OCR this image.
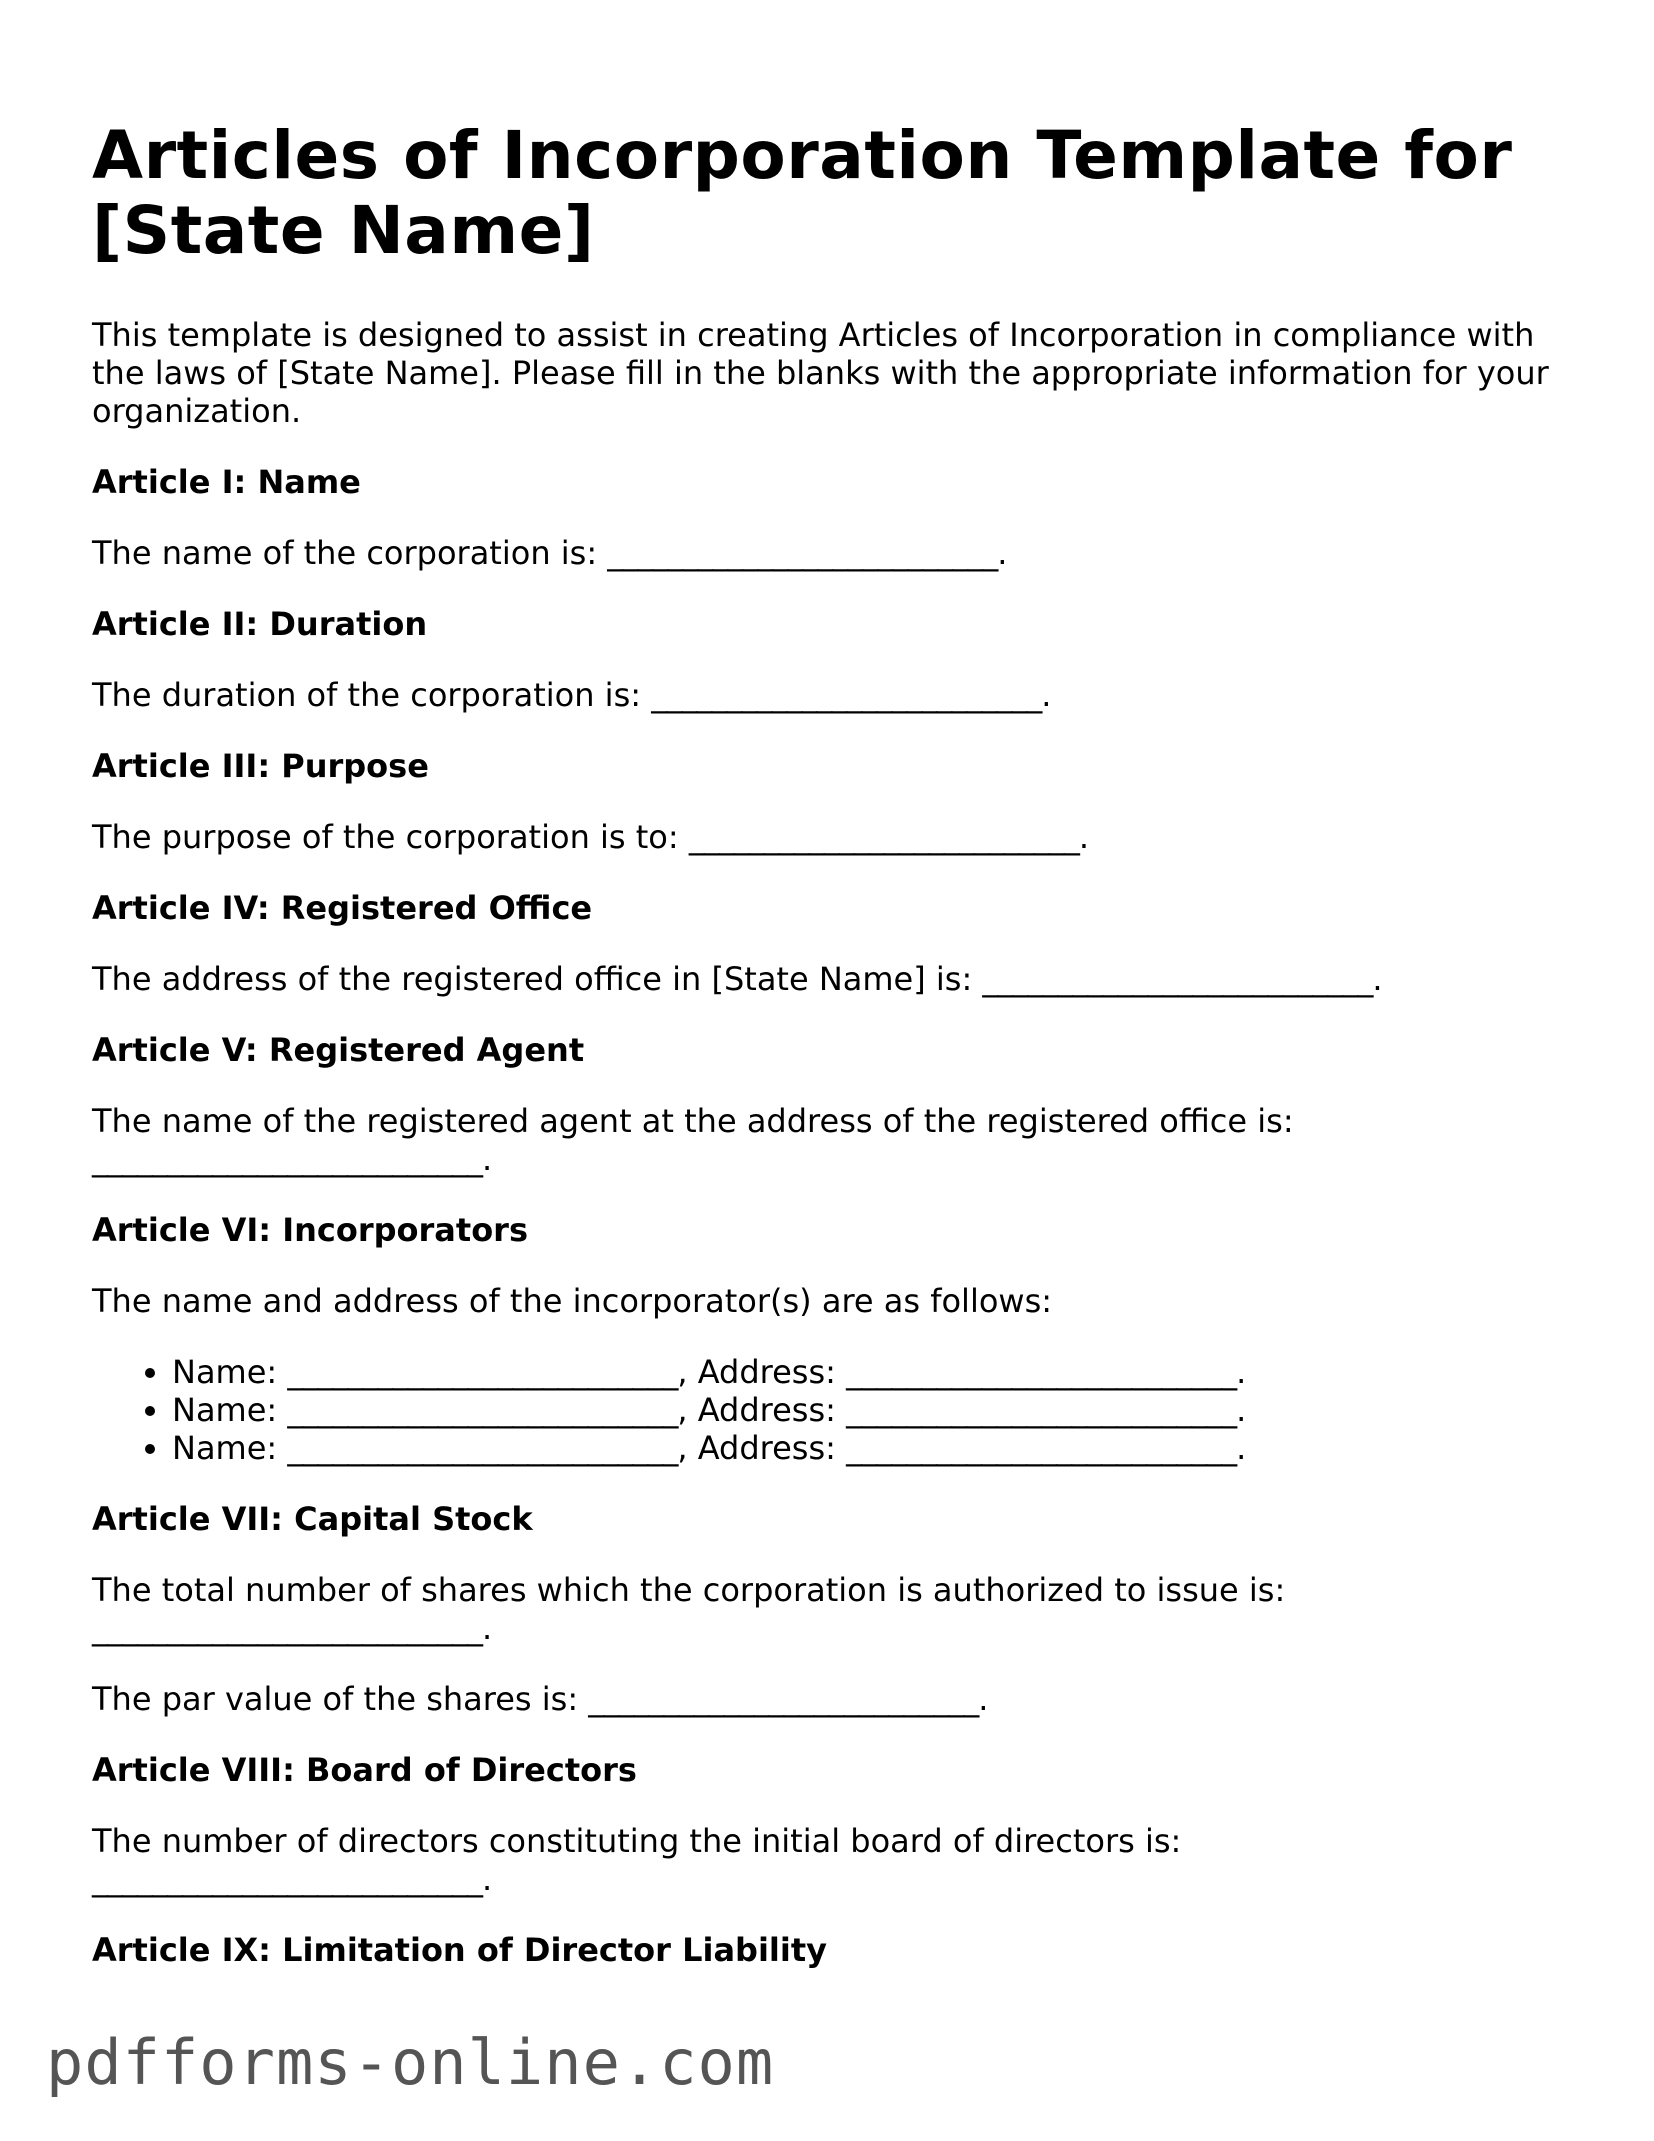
Articles of Incorporation Template for [State Name]

This template is designed to assist in creating Articles of Incorporation in compliance with the laws of [State Name]. Please fill in the blanks with the appropriate information for your organization.

Article I: Name

The name of the corporation is: __________________________.

Article II: Duration

The duration of the corporation is: __________________________.

Article III: Purpose

The purpose of the corporation is to: __________________________.

Article IV: Registered Office

The address of the registered office in [State Name] is: __________________________.

Article V: Registered Agent

The name of the registered agent at the address of the registered office is:
__________________________.

Article VI: Incorporators

The name and address of the incorporator(s) are as follows:

• Name: __________________________, Address: __________________________.
• Name: __________________________, Address: __________________________.
• Name: __________________________, Address: __________________________.
Article VII: Capital Stock

The total number of shares which the corporation is authorized to issue is:
__________________________.

The par value of the shares is: __________________________.

Article VIII: Board of Directors

The number of directors constituting the initial board of directors is:
__________________________.

Article IX: Limitation of Director Liability
pdfforms-online.com
